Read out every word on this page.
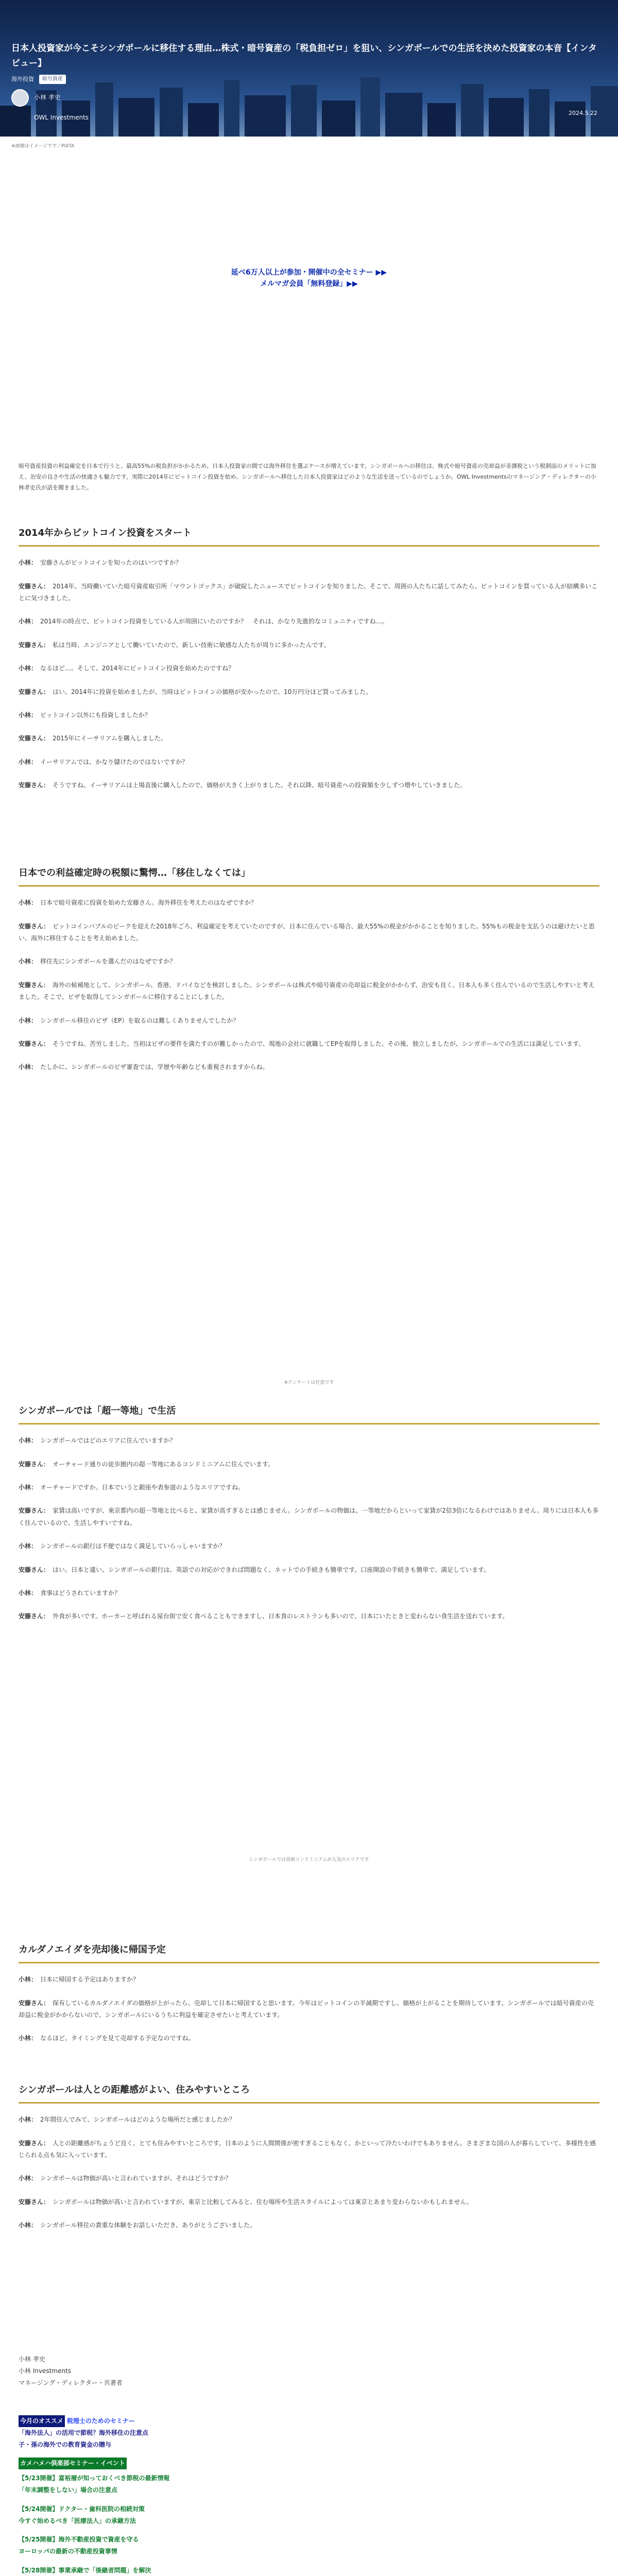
日本人投資家が今こそシンガポールに移住する理由…株式・暗号資産の「税負担ゼロ」を狙い、シンガポールでの生活を決めた投資家の本音【インタビュー】
海外投資	暗号資産
小林 孝史
OWL Investments
2024.5.22
※画像はイメージです／PIXTA
延べ6万人以上が参加・開催中の全セミナー ▶▶
メルマガ会員「無料登録」▶▶

暗号資産投資の利益確定を日本で行うと、最高55%の税負担がかかるため、日本人投資家の間では海外移住を選ぶケースが増えています。シンガポールへの移住は、株式や暗号資産の売却益が非課税という税制面のメリットに加え、治安の良さや生活の快適さも魅力です。実際に2014年にビットコイン投資を始め、シンガポールへ移住した日本人投資家はどのような生活を送っているのでしょうか。OWL Investmentsのマネージング・ディレクターの小林孝史氏が話を聞きました。

2014年からビットコイン投資をスタート
小林： 安藤さんがビットコインを知ったのはいつですか？
安藤さん： 2014年、当時働いていた暗号資産取引所「マウントゴックス」が破綻したニュースでビットコインを知りました。そこで、周囲の人たちに話してみたら、ビットコインを買っている人が結構多いことに気づきました。
小林： 2014年の時点で、ビットコイン投資をしている人が周囲にいたのですか？　それは、かなり先進的なコミュニティですね…。
安藤さん： 私は当時、エンジニアとして働いていたので、新しい技術に敏感な人たちが周りに多かったんです。
小林： なるほど…。そして、2014年にビットコイン投資を始めたのですね？
安藤さん： はい。2014年に投資を始めましたが、当時はビットコインの価格が安かったので、10万円分ほど買ってみました。
小林： ビットコイン以外にも投資しましたか？
安藤さん： 2015年にイーサリアムを購入しました。
小林： イーサリアムでは、かなり儲けたのではないですか？
安藤さん： そうですね。イーサリアムは上場直後に購入したので、価格が大きく上がりました。それ以降、暗号資産への投資額を少しずつ増やしていきました。
日本での利益確定時の税額に驚愕…「移住しなくては」
小林： 日本で暗号資産に投資を始めた安藤さん。海外移住を考えたのはなぜですか？
安藤さん： ビットコインバブルのピークを迎えた2018年ごろ、利益確定を考えていたのですが、日本に住んでいる場合、最大55%の税金がかかることを知りました。55%もの税金を支払うのは避けたいと思い、海外に移住することを考え始めました。
小林： 移住先にシンガポールを選んだのはなぜですか？
安藤さん： 海外の候補地として、シンガポール、香港、ドバイなどを検討しました。シンガポールは株式や暗号資産の売却益に税金がかからず、治安も良く、日本人も多く住んでいるので生活しやすいと考えました。そこで、ビザを取得してシンガポールに移住することにしました。
小林： シンガポール移住のビザ（EP）を取るのは難しくありませんでしたか？
安藤さん： そうですね。苦労しました。当初はビザの要件を満たすのが難しかったので、現地の会社に就職してEPを取得しました。その後、独立しましたが、シンガポールでの生活には満足しています。
小林： たしかに、シンガポールのビザ審査では、学歴や年齢なども重視されますからね。
※アンケートは任意です
シンガポールでは「超一等地」で生活
小林： シンガポールではどのエリアに住んでいますか？
安藤さん： オーチャード通りの徒歩圏内の超一等地にあるコンドミニアムに住んでいます。
小林： オーチャードですか。日本でいうと銀座や表参道のようなエリアですね。
安藤さん： 家賃は高いですが、東京都内の超一等地と比べると、家賃が高すぎるとは感じません。シンガポールの物価は、一等地だからといって家賃が2倍3倍になるわけではありません。周りには日本人も多く住んでいるので、生活しやすいですね。
小林： シンガポールの銀行は不便ではなく満足していらっしゃいますか？
安藤さん： はい。日本と違い、シンガポールの銀行は、英語での対応ができれば問題なく、ネットでの手続きも簡単です。口座開設の手続きも簡単で、満足しています。
小林： 食事はどうされていますか？
安藤さん： 外食が多いです。ホーカーと呼ばれる屋台街で安く食べることもできますし、日本食のレストランも多いので、日本にいたときと変わらない食生活を送れています。
シンガポールでは高層コンドミニアムが人気のエリアです
カルダノエイダを売却後に帰国予定
小林： 日本に帰国する予定はありますか？
安藤さん： 保有しているカルダノエイダの価格が上がったら、売却して日本に帰国すると思います。今年はビットコインの半減期ですし、価格が上がることを期待しています。シンガポールでは暗号資産の売却益に税金がかからないので、シンガポールにいるうちに利益を確定させたいと考えています。
小林： なるほど。タイミングを見て売却する予定なのですね。
シンガポールは人との距離感がよい、住みやすいところ
小林： 2年間住んでみて、シンガポールはどのような場所だと感じましたか？
安藤さん： 人との距離感がちょうど良く、とても住みやすいところです。日本のように人間関係が密すぎることもなく、かといって冷たいわけでもありません。さまざまな国の人が暮らしていて、多様性を感じられる点も気に入っています。
小林： シンガポールは物価が高いと言われていますが、それはどうですか？
安藤さん： シンガポールは物価が高いと言われていますが、東京と比較してみると、住む場所や生活スタイルによっては東京とあまり変わらないかもしれません。
小林： シンガポール移住の貴重な体験をお話しいただき、ありがとうございました。
小林 孝史
小林 Investments
マネージング・ディレクター・共著者
今月のオススメ 税理士のためのセミナー
「海外法人」の活用で節税？海外移住の注意点
子・孫の海外での教育資金の贈与
カメハメハ倶楽部セミナー・イベント
【5/23開催】富裕層が知っておくべき節税の最新情報
「年末調整をしない」場合の注意点
【5/24開催】ドクター・歯科医院の相続対策
今すぐ始めるべき「医療法人」の承継方法
【5/25開催】海外不動産投資で資産を守る
ヨーロッパの最新の不動産投資事情
【5/28開催】事業承継で「後継者問題」を解決
